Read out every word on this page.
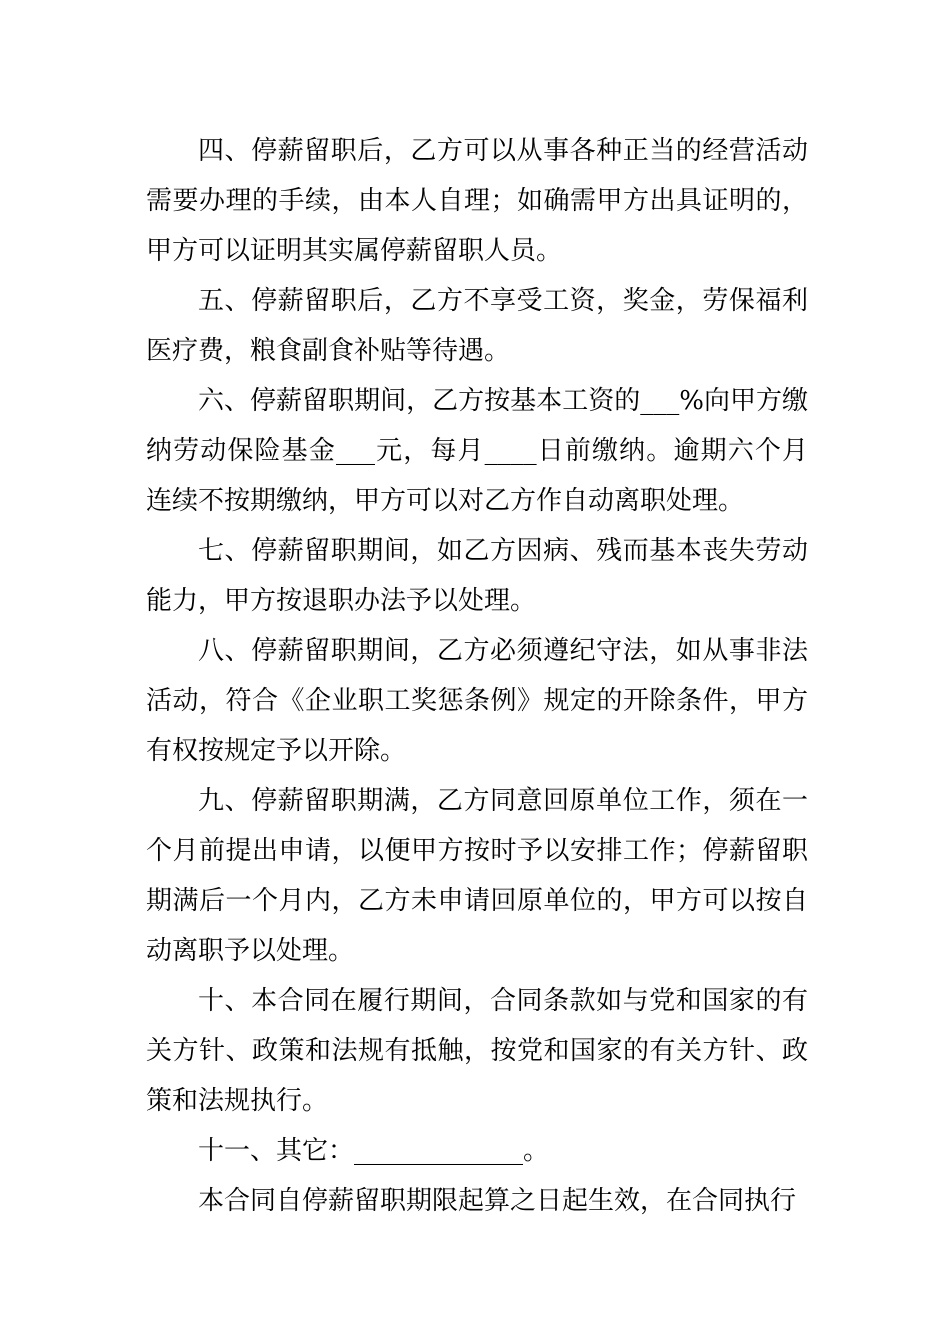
四、停薪留职后，乙方可以从事各种正当的经营活动需要办理的手续，由本人自理；如确需甲方出具证明的，甲方可以证明其实属停薪留职人员。

五、停薪留职后，乙方不享受工资，奖金，劳保福利医疗费，粮食副食补贴等待遇。

六、停薪留职期间，乙方按基本工资的___%向甲方缴纳劳动保险基金___元，每月____日前缴纳。逾期六个月连续不按期缴纳，甲方可以对乙方作自动离职处理。

七、停薪留职期间，如乙方因病、残而基本丧失劳动能力，甲方按退职办法予以处理。

八、停薪留职期间，乙方必须遵纪守法，如从事非法活动，符合《企业职工奖惩条例》规定的开除条件，甲方有权按规定予以开除。

九、停薪留职期满，乙方同意回原单位工作，须在一个月前提出申请，以便甲方按时予以安排工作；停薪留职期满后一个月内，乙方未申请回原单位的，甲方可以按自动离职予以处理。

十、本合同在履行期间，合同条款如与党和国家的有关方针、政策和法规有抵触，按党和国家的有关方针、政策和法规执行。

十一、其它：_____________。

本合同自停薪留职期限起算之日起生效，在合同执行
